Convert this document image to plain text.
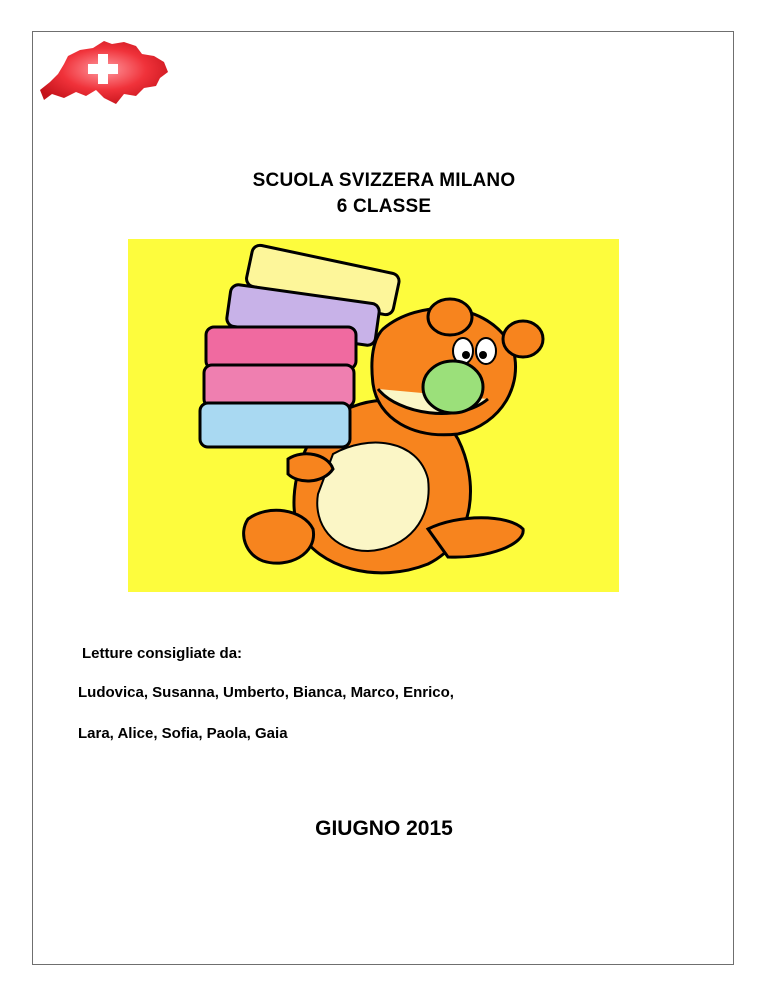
SCUOLA SVIZZERA MILANO
6 CLASSE
Letture consigliate da:
Ludovica, Susanna, Umberto, Bianca, Marco, Enrico,
Lara, Alice, Sofia, Paola, Gaia
GIUGNO 2015
